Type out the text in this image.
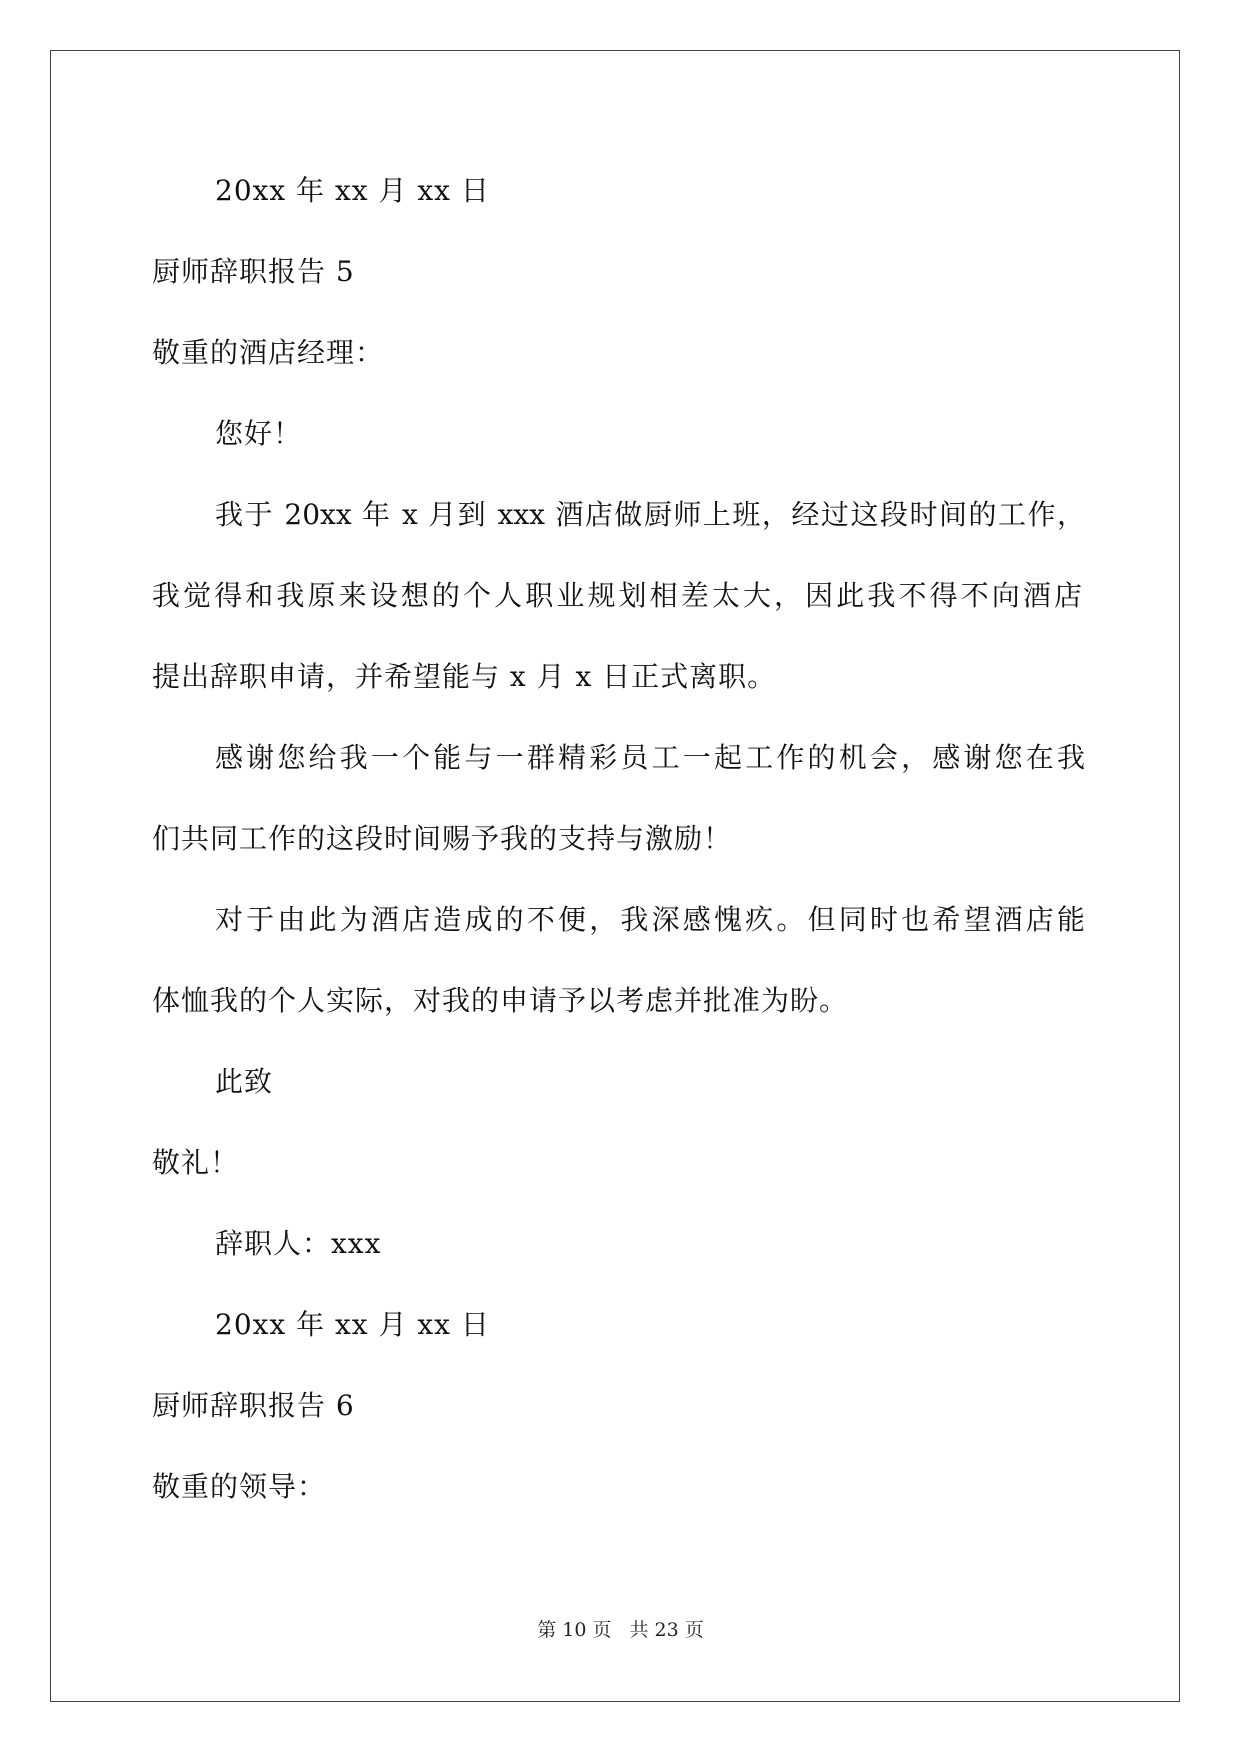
20xx 年 xx 月 xx 日
厨师辞职报告 5
敬重的酒店经理：
您好！
我于 20xx 年 x 月到 xxx 酒店做厨师上班，经过这段时间的工作，
我觉得和我原来设想的个人职业规划相差太大，因此我不得不向酒店
提出辞职申请，并希望能与 x 月 x 日正式离职。
感谢您给我一个能与一群精彩员工一起工作的机会，感谢您在我
们共同工作的这段时间赐予我的支持与激励！
对于由此为酒店造成的不便，我深感愧疚。但同时也希望酒店能
体恤我的个人实际，对我的申请予以考虑并批准为盼。
此致
敬礼！
辞职人：xxx
20xx 年 xx 月 xx 日
厨师辞职报告 6
敬重的领导：
第 10 页 共 23 页
